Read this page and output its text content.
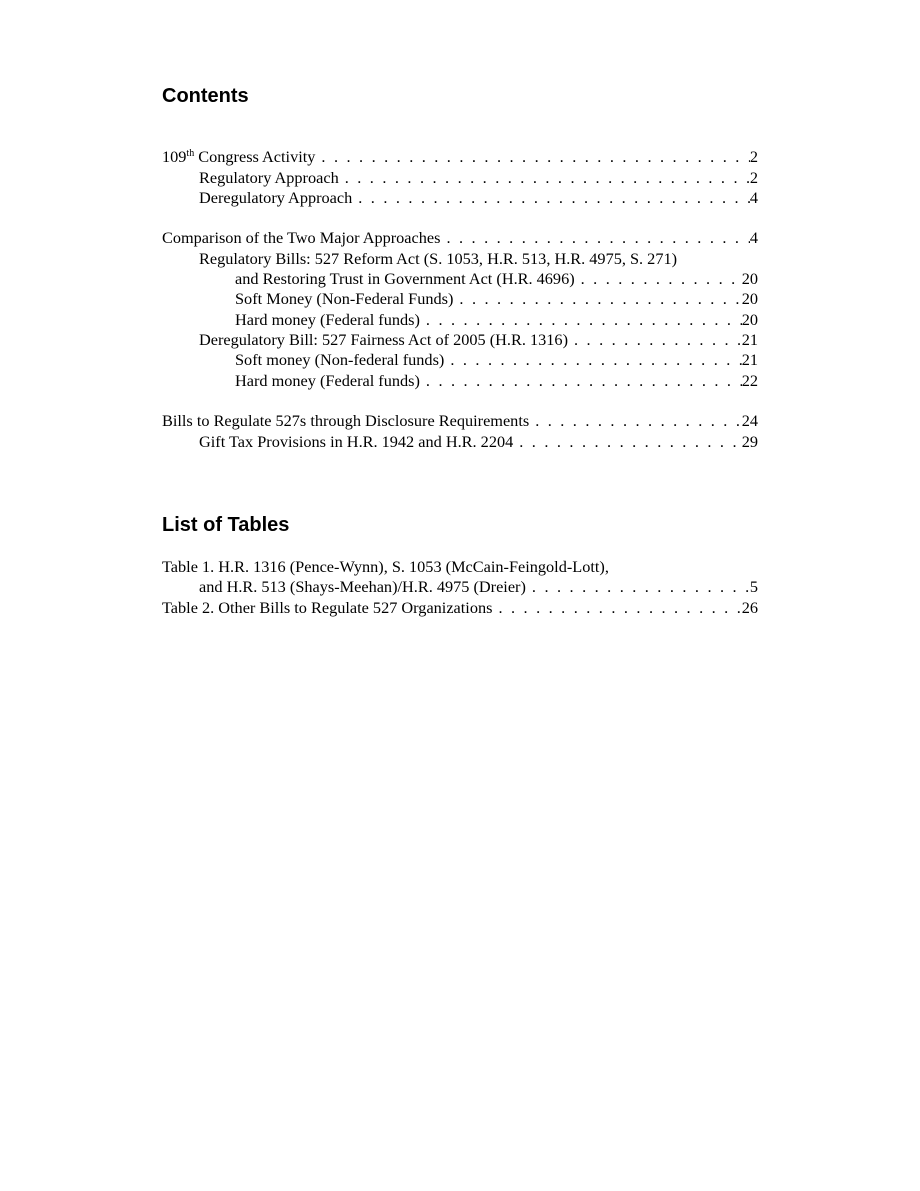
Contents
109th Congress Activity . . .	2
Regulatory Approach . . .	2
Deregulatory Approach . . .	4
Comparison of the Two Major Approaches . . .	4
Regulatory Bills: 527 Reform Act (S. 1053, H.R. 513, H.R. 4975, S. 271)
and Restoring Trust in Government Act (H.R. 4696) . . .	20
Soft Money (Non-Federal Funds) . . .	20
Hard money (Federal funds) . . .	20
Deregulatory Bill: 527 Fairness Act of 2005 (H.R. 1316) . . .	21
Soft money (Non-federal funds) . . .	21
Hard money (Federal funds) . . .	22
Bills to Regulate 527s through Disclosure Requirements . . .	24
Gift Tax Provisions in H.R. 1942 and H.R. 2204 . . .	29
List of Tables
Table 1. H.R. 1316 (Pence-Wynn), S. 1053 (McCain-Feingold-Lott),
and H.R. 513 (Shays-Meehan)/H.R. 4975 (Dreier) . . .	5
Table 2. Other Bills to Regulate 527 Organizations . . .	26
